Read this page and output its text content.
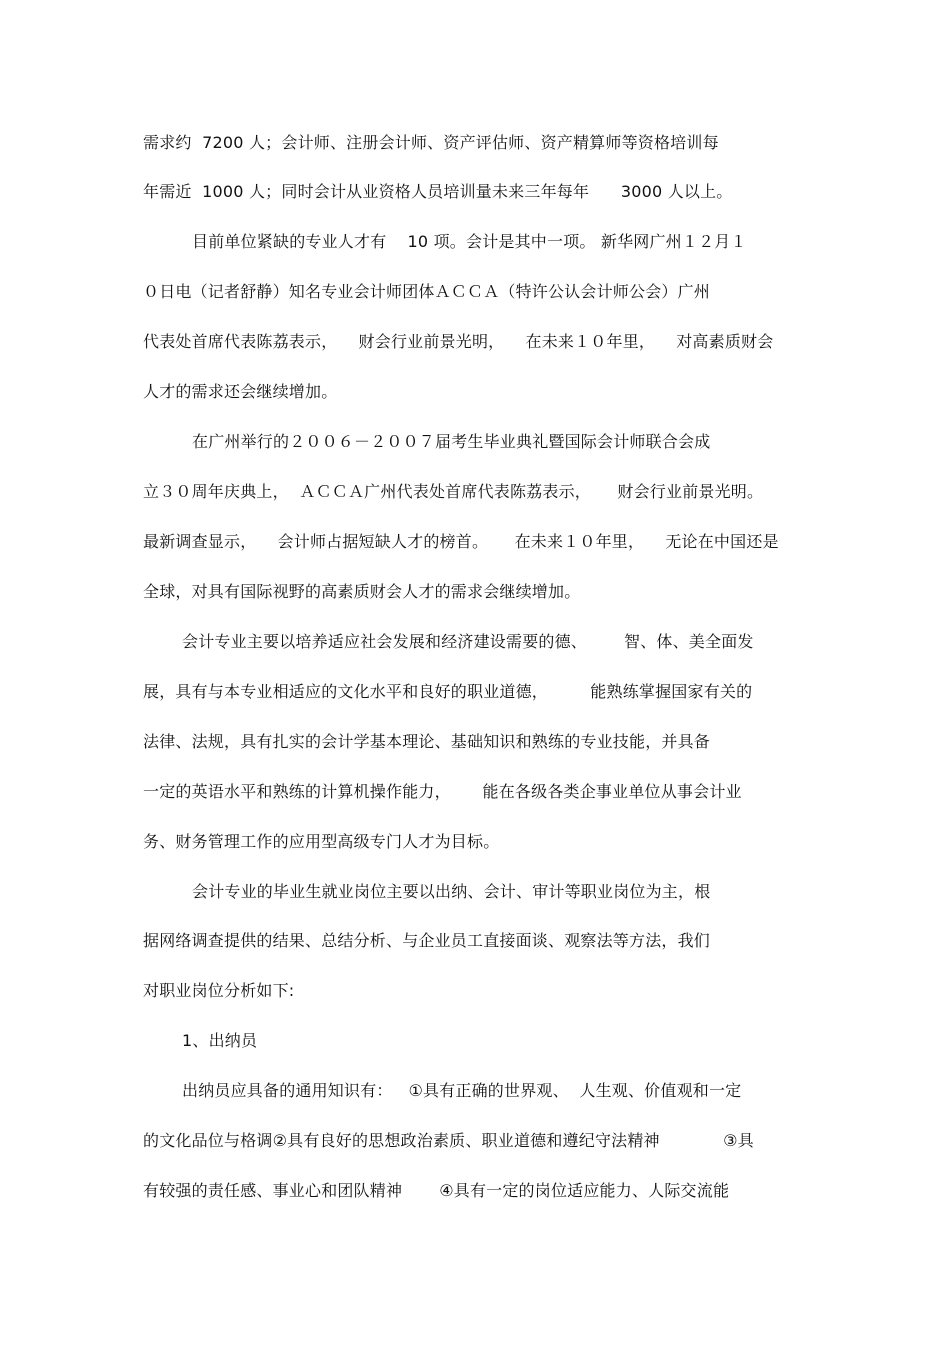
需求约  7200 人；会计师、注册会计师、资产评估师、资产精算师等资格培训每
年需近  1000 人；同时会计从业资格人员培训量未来三年每年      3000 人以上。
目前单位紧缺的专业人才有    10 项。会计是其中一项。 新华网广州１２月１
０日电（记者舒静）知名专业会计师团体ＡＣＣＡ（特许公认会计师公会）广州
代表处首席代表陈荔表示，    财会行业前景光明，    在未来１０年里，    对高素质财会
人才的需求还会继续增加。
在广州举行的２００６－２００７届考生毕业典礼暨国际会计师联合会成
立３０周年庆典上，  ＡＣＣＡ广州代表处首席代表陈荔表示，     财会行业前景光明。
最新调查显示，    会计师占据短缺人才的榜首。     在未来１０年里，    无论在中国还是
全球，对具有国际视野的高素质财会人才的需求会继续增加。
会计专业主要以培养适应社会发展和经济建设需要的德、       智、体、美全面发
展，具有与本专业相适应的文化水平和良好的职业道德，        能熟练掌握国家有关的
法律、法规，具有扎实的会计学基本理论、基础知识和熟练的专业技能，并具备
一定的英语水平和熟练的计算机操作能力，      能在各级各类企事业单位从事会计业
务、财务管理工作的应用型高级专门人才为目标。
会计专业的毕业生就业岗位主要以出纳、会计、审计等职业岗位为主，根
据网络调查提供的结果、总结分析、与企业员工直接面谈、观察法等方法，我们
对职业岗位分析如下:
1、出纳员
出纳员应具备的通用知识有：   ①具有正确的世界观、  人生观、价值观和一定
的文化品位与格调②具有良好的思想政治素质、职业道德和遵纪守法精神            ③具
有较强的责任感、事业心和团队精神       ④具有一定的岗位适应能力、人际交流能
